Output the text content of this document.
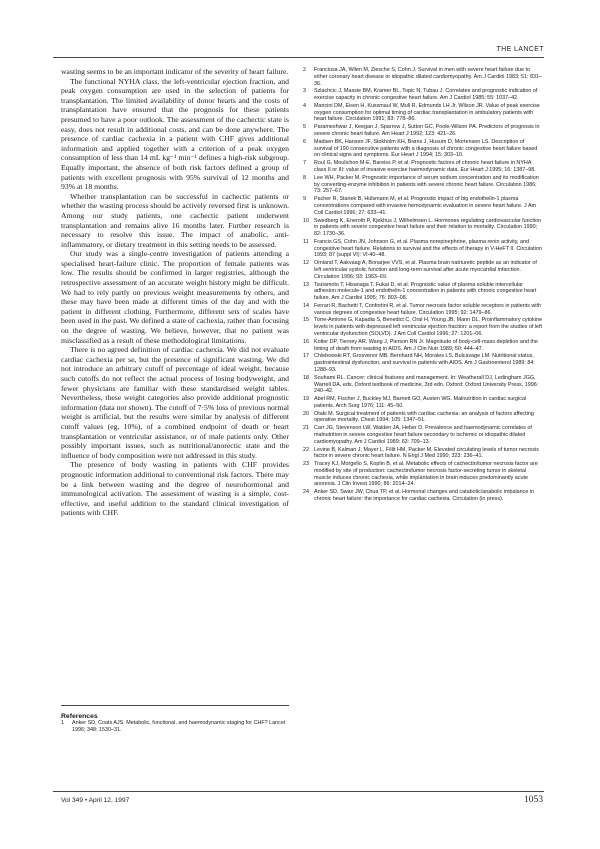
THE LANCET

wasting seems to be an important indicator of the severity of heart failure.

The functional NYHA class, the left-ventricular ejection fraction, and peak oxygen consumption are used in the selection of patients for transplantation. The limited availability of donor hearts and the costs of transplantation have ensured that the prognosis for these patients presumed to have a poor outlook. The assessment of the cachectic state is easy, does not result in additional costs, and can be done anywhere. The presence of cardiac cachexia in a patient with CHF gives additional information and applied together with a criterion of a peak oxygen consumption of less than 14 mL kg⁻¹ min⁻¹ defines a high-risk subgroup. Equally important, the absence of both risk factors defined a group of patients with excellent prognosis with 95% survival of 12 months and 93% at 18 months.

Whether transplantation can be successful in cachectic patients or whether the wasting process should be actively reversed first is unknown. Among our study patients, one cachectic patient underwent transplantation and remains alive 16 months later. Further research is necessary to resolve this issue. The impact of anabolic, anti-inflammatory, or dietary treatment in this setting needs to be assessed.

Our study was a single-centre investigation of patients attending a specialised heart-failure clinic. The proportion of female patients was low. The results should be confirmed in larger registries, although the retrospective assessment of an accurate weight history might be difficult. We had to rely partly on previous weight measurements by others, and these may have been made at different times of the day and with the patient in different clothing. Furthermore, different sets of scales have been used in the past. We defined a state of cachexia, rather than focusing on the degree of wasting. We believe, however, that no patient was misclassified as a result of these methodological limitations.

There is no agreed definition of cardiac cachexia. We did not evaluate cardiac cachexia per se, but the presence of significant wasting. We did not introduce an arbitrary cutoff of percentage of ideal weight, because such cutoffs do not reflect the actual process of losing bodyweight, and fewer physicians are familiar with these standardised weight tables. Nevertheless, these weight categories also provide additional prognostic information (data not shown). The cutoff of 7·5% loss of previous normal weight is artificial, but the results were similar by analysis of different cutoff values (eg, 10%), of a combined endpoint of death or heart transplantation or ventricular assistance, or of male patients only. Other possibly important issues, such as nutritional/anorectic state and the influence of body composition were not addressed in this study.

The presence of body wasting in patients with CHF provides prognostic information additional to conventional risk factors. There may be a link between wasting and the degree of neurohormonal and immunological activation. The assessment of wasting is a simple, cost-effective, and useful addition to the standard clinical investigation of patients with CHF.

References
1 Anker SD, Coats AJS. Metabolic, functional, and haemodynamic staging for CHF? Lancet 1996; 348: 1530–31.
2 Franciosa JA, Wilen M, Ziesche S, Cohn J. Survival in men with severe heart failure due to either coronary heart disease or idiopathic dilated cardiomyopathy. Am J Cardiol 1983; 51: 831–36.
3 Szlachcic J, Massie BM, Kramer BL, Topic N, Tubau J. Correlates and prognostic indication of exercise capacity in chronic congestive heart failure. Am J Cardiol 1985; 55: 1037–42.
4 Mancini DM, Eisen H, Kussmaul W, Mull R, Edmunds LH Jr, Wilson JR. Value of peak exercise oxygen consumption for optimal timing of cardiac transplantation in ambulatory patients with heart failure. Circulation 1991; 83: 778–86.
5 Parameshwar J, Keegan J, Sparrow J, Sutton GC, Poole-Wilson PA. Predictors of prognosis in severe chronic heart failure. Am Heart J 1992; 123: 421–26.
6 Madsen BK, Hansen JF, Stokholm KH, Brøns J, Husum D, Mortensen LS. Description of survival of 190 consecutive patients with a diagnosis of chronic congestive heart failure based on clinical signs and symptoms. Eur Heart J 1994; 15: 303–10.
7 Roul G, Moulichon M-E, Bareiss P, et al. Prognostic factors of chronic heart failure in NYHA class II or III: value of invasive exercise haemodynamic data. Eur Heart J 1995; 16: 1387–98.
8 Lee WH, Packer M. Prognostic importance of serum sodium concentration and its modification by converting-enzyme inhibition in patients with severe chronic heart failure. Circulation 1986; 73: 257–67.
9 Pacher R, Stanek B, Hülsmann M, et al. Prognostic impact of big endothelin-1 plasma concentrations compared with invasive hemodynamic evaluation in severe heart failure. J Am Coll Cardiol 1996; 27: 633–41.
10 Swedberg K, Eneroth P, Kjekhus J, Wilhelmsen L. Hormones regulating cardiovascular function in patients with severe congestive heart failure and their relation to mortality. Circulation 1990; 82: 1730–36.
11 Francis GS, Cohn JN, Johnson G, et al. Plasma norepinephrine, plasma renin activity, and congestive heart failure. Relations to survival and the effects of therapy in V-HeFT II. Circulation 1993; 87 (suppl VI): VI-40–48.
12 Omland T, Aakvaag A, Bonarjee VVS, et al. Plasma brain natriuretic peptide as an indicator of left ventricular systolic function and long-term survival after acute myocardial infarction. Circulation 1996; 93: 1963–69.
13 Tsutamoto T, Hisanaga T, Fukai D, et al. Prognostic value of plasma soluble intercellular adhesion molecule-1 and endothelin-1 concentration in patients with chronic congestive heart failure. Am J Cardiol 1995; 76: 803–08.
14 Ferrari R, Bachetti T, Confortini R, et al. Tumor necrosis factor soluble receptors in patients with various degrees of congestive heart failure. Circulation 1995; 92: 1479–86.
15 Torre-Amione G, Kapadia S, Benedict C, Oral H, Young JB, Mann DL. Proinflammatory cytokine levels in patients with depressed left ventricular ejection fraction: a report from the studies of left ventricular dysfunction (SOLVD). J Am Coll Cardiol 1996; 27: 1201–06.
16 Kotler DP, Tierney AR, Wang J, Pierson RN Jr. Magnitude of body-cell-mass depletion and the timing of death from wasting in AIDS. Am J Clin Nutr 1989; 50: 444–47.
17 Chlebowski RT, Grosvenor MB, Bernhard NH, Morales LS, Bulcavage LM. Nutritional status, gastrointestinal dysfunction, and survival in patients with AIDS. Am J Gastroenterol 1989; 84: 1288–93.
18 Souhami RL. Cancer: clinical features and management. In: Weatherall DJ, Ledingham JGG, Warrell DA, eds. Oxford textbook of medicine, 3rd edn. Oxford: Oxford University Press, 1996: 240–42.
19 Abel RM, Fischer J, Buckley MJ, Barnett GO, Austen WG. Malnutrition in cardiac surgical patients. Arch Surg 1976; 111: 45–50.
20 Otaki M. Surgical treatment of patients with cardiac cachexia: an analysis of factors affecting operative mortality. Chest 1994; 105: 1347–51.
21 Carr JG, Stevenson LW, Walden JA, Heber D. Prevalence and haemodynamic correlates of malnutrition in severe congestive heart failure secondary to ischemic or idiopathic dilated cardiomyopathy. Am J Cardiol 1989; 63: 709–13.
22 Levine B, Kalman J, Mayer L, Fillit HM, Packer M. Elevated circulating levels of tumor necrosis factor in severe chronic heart failure. N Engl J Med 1990; 323: 236–41.
23 Tracey KJ, Morgello S, Koplin B, et al. Metabolic effects of cachectin/tumor necrosis factor are modified by site of production: cachectin/tumor necrosis factor-secreting tumor in skeletal muscle induces chronic cachexia, while implantation in brain induces predominantly acute anorexia. J Clin Invest 1990; 86: 2014–24.
24 Anker SD, Swan JW, Chua TP, et al. Hormonal changes and catabolic/anabolic imbalance in chronic heart failure: the importance for cardiac cachexia. Circulation (in press).
Vol 349 • April 12, 1997	1053
